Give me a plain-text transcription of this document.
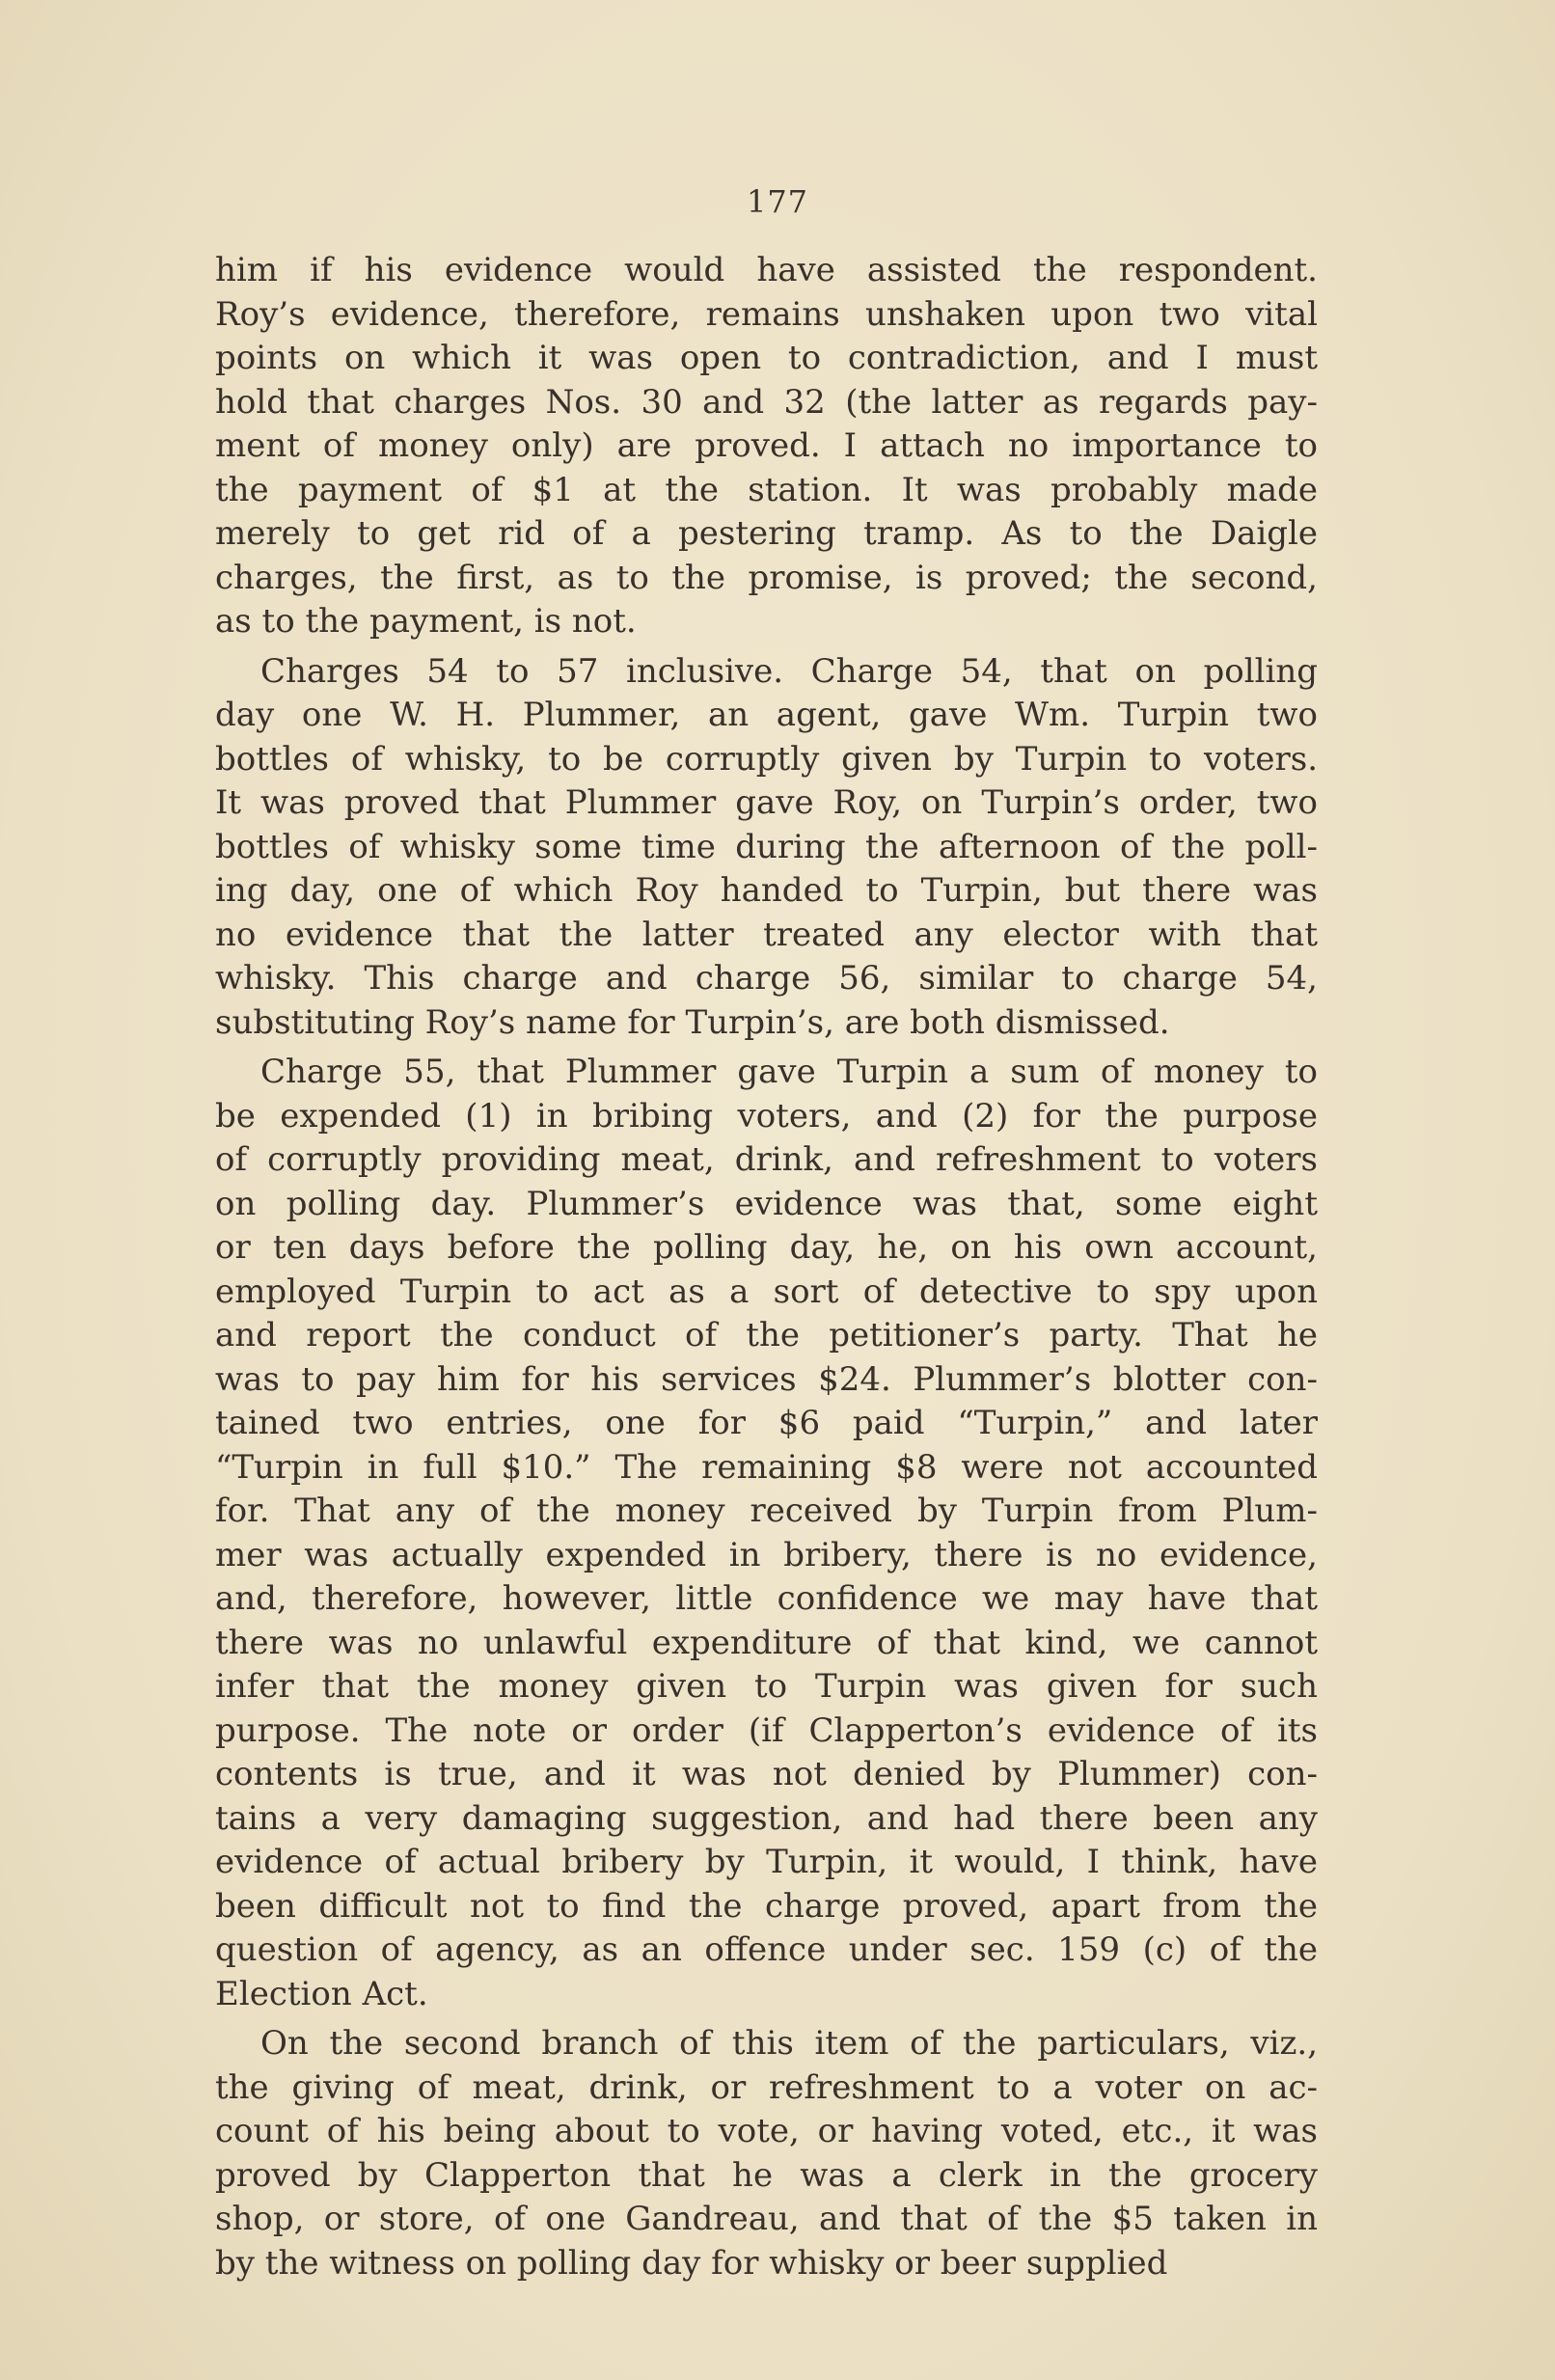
177
him if his evidence would have assisted the respondent.
Roy’s evidence, therefore, remains unshaken upon two vital
points on which it was open to contradiction, and I must
hold that charges Nos. 30 and 32 (the latter as regards pay-
ment of money only) are proved. I attach no importance to
the payment of $1 at the station. It was probably made
merely to get rid of a pestering tramp. As to the Daigle
charges, the first, as to the promise, is proved; the second,
as to the payment, is not.
Charges 54 to 57 inclusive. Charge 54, that on polling
day one W. H. Plummer, an agent, gave Wm. Turpin two
bottles of whisky, to be corruptly given by Turpin to voters.
It was proved that Plummer gave Roy, on Turpin’s order, two
bottles of whisky some time during the afternoon of the poll-
ing day, one of which Roy handed to Turpin, but there was
no evidence that the latter treated any elector with that
whisky. This charge and charge 56, similar to charge 54,
substituting Roy’s name for Turpin’s, are both dismissed.
Charge 55, that Plummer gave Turpin a sum of money to
be expended (1) in bribing voters, and (2) for the purpose
of corruptly providing meat, drink, and refreshment to voters
on polling day. Plummer’s evidence was that, some eight
or ten days before the polling day, he, on his own account,
employed Turpin to act as a sort of detective to spy upon
and report the conduct of the petitioner’s party. That he
was to pay him for his services $24. Plummer’s blotter con-
tained two entries, one for $6 paid “Turpin,” and later
“Turpin in full $10.” The remaining $8 were not accounted
for. That any of the money received by Turpin from Plum-
mer was actually expended in bribery, there is no evidence,
and, therefore, however, little confidence we may have that
there was no unlawful expenditure of that kind, we cannot
infer that the money given to Turpin was given for such
purpose. The note or order (if Clapperton’s evidence of its
contents is true, and it was not denied by Plummer) con-
tains a very damaging suggestion, and had there been any
evidence of actual bribery by Turpin, it would, I think, have
been difficult not to find the charge proved, apart from the
question of agency, as an offence under sec. 159 (c) of the
Election Act.
On the second branch of this item of the particulars, viz.,
the giving of meat, drink, or refreshment to a voter on ac-
count of his being about to vote, or having voted, etc., it was
proved by Clapperton that he was a clerk in the grocery
shop, or store, of one Gandreau, and that of the $5 taken in
by the witness on polling day for whisky or beer supplied
